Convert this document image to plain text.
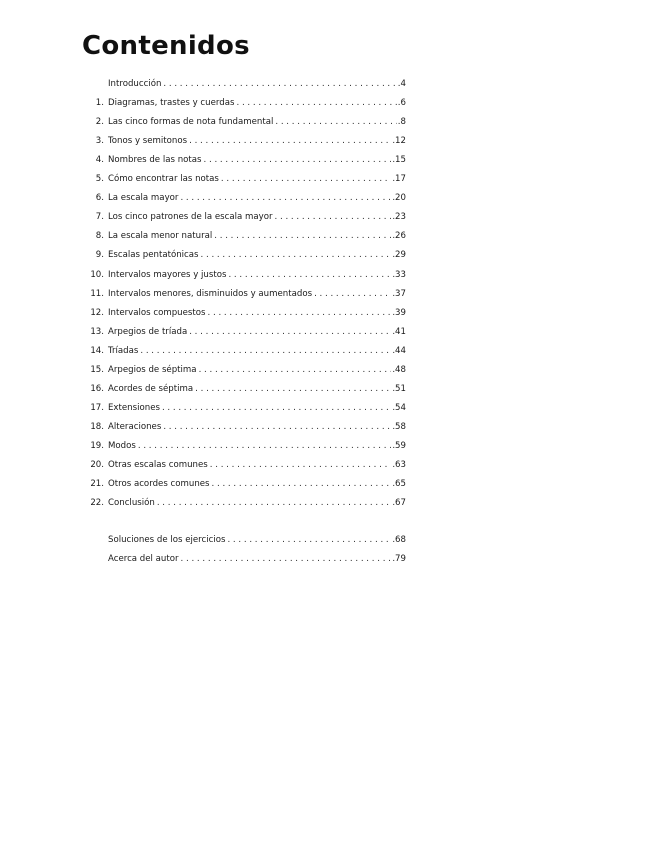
Contenidos
Introducción . . .	.4
1. Diagramas, trastes y cuerdas . . .	.6
2. Las cinco formas de nota fundamental . . .	.8
3. Tonos y semitonos . . .	.12
4. Nombres de las notas . . .	.15
5. Cómo encontrar las notas . . .	.17
6. La escala mayor . . .	.20
7. Los cinco patrones de la escala mayor . . .	.23
8. La escala menor natural . . .	.26
9. Escalas pentatónicas . . .	.29
10. Intervalos mayores y justos . . .	.33
11. Intervalos menores, disminuidos y aumentados . . .	.37
12. Intervalos compuestos . . .	.39
13. Arpegios de tríada . . .	.41
14. Tríadas . . .	.44
15. Arpegios de séptima . . .	.48
16. Acordes de séptima . . .	.51
17. Extensiones . . .	.54
18. Alteraciones . . .	.58
19. Modos . . .	.59
20. Otras escalas comunes . . .	.63
21. Otros acordes comunes . . .	.65
22. Conclusión . . .	.67
Soluciones de los ejercicios . . .	.68
Acerca del autor . . .	.79
